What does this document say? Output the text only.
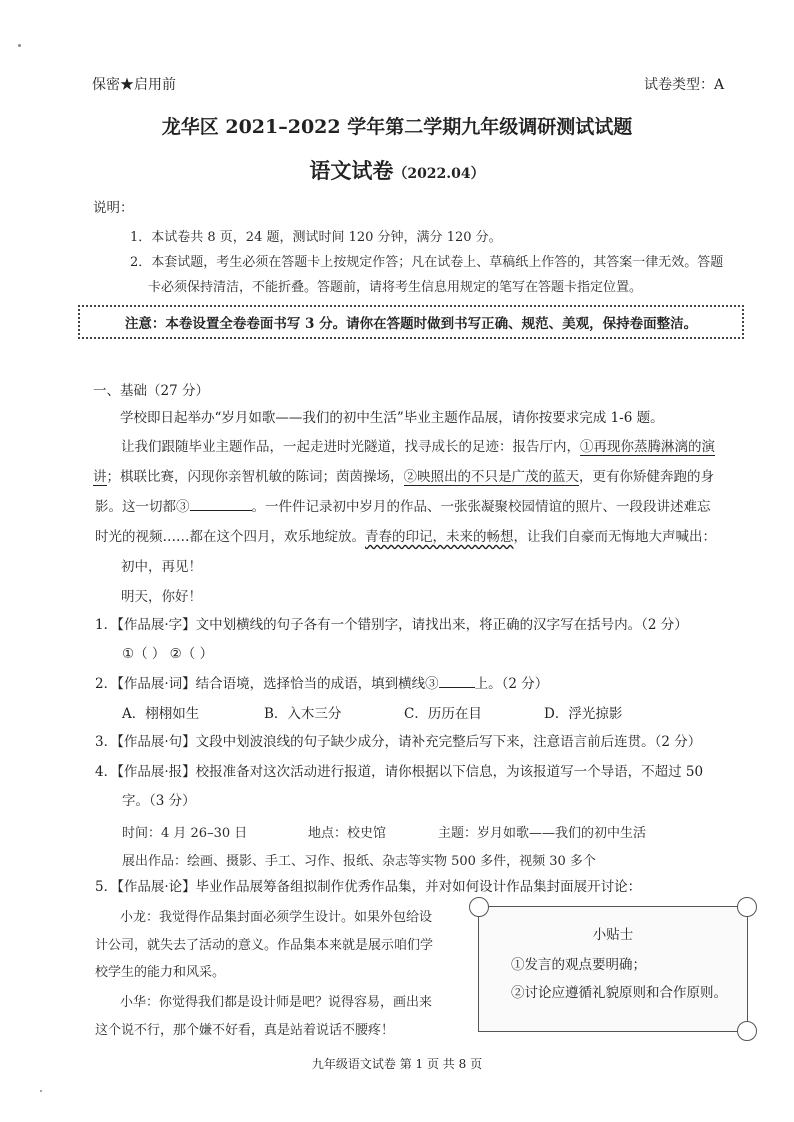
保密★启用前	试卷类型：A
龙华区 2021–2022 学年第二学期九年级调研测试试题
语文试卷（2022.04）
说明：
1．本试卷共 8 页，24 题，测试时间 120 分钟，满分 120 分。
2．本套试题，考生必须在答题卡上按规定作答；凡在试卷上、草稿纸上作答的，其答案一律无效。答题
卡必须保持清洁，不能折叠。答题前，请将考生信息用规定的笔写在答题卡指定位置。
注意：本卷设置全卷卷面书写 3 分。请你在答题时做到书写正确、规范、美观，保持卷面整洁。
一、基础（27 分）
学校即日起举办“岁月如歌——我们的初中生活”毕业主题作品展，请你按要求完成 1-6 题。
让我们跟随毕业主题作品，一起走进时光隧道，找寻成长的足迹：报告厅内，①再现你蒸腾淋漓的演
讲；棋联比赛，闪现你亲智机敏的陈词；茵茵操场，②映照出的不只是广茂的蓝天，更有你矫健奔跑的身
影。这一切都③	。一件件记录初中岁月的作品、一张张凝聚校园情谊的照片、一段段讲述难忘
时光的视频……都在这个四月，欢乐地绽放。青春的印记，未来的畅想，让我们自豪而无悔地大声喊出：
初中，再见！
明天，你好！
1．【作品展·字】文中划横线的句子各有一个错别字，请找出来，将正确的汉字写在括号内。（2 分）
①（ ） ②（ ）
2．【作品展·词】结合语境，选择恰当的成语，填到横线③	上。（2 分）
A．栩栩如生	B．入木三分	C．历历在目	D．浮光掠影
3．【作品展·句】文段中划波浪线的句子缺少成分，请补充完整后写下来，注意语言前后连贯。（2 分）
4．【作品展·报】校报准备对这次活动进行报道，请你根据以下信息，为该报道写一个导语，不超过 50
字。（3 分）
时间：4 月 26–30 日	地点：校史馆	主题：岁月如歌——我们的初中生活
展出作品：绘画、摄影、手工、习作、报纸、杂志等实物 500 多件，视频 30 多个
5．【作品展·论】毕业作品展筹备组拟制作优秀作品集，并对如何设计作品集封面展开讨论：
小龙：我觉得作品集封面必须学生设计。如果外包给设
计公司，就失去了活动的意义。作品集本来就是展示咱们学
校学生的能力和风采。
小华：你觉得我们都是设计师是吧？说得容易，画出来
这个说不行，那个嫌不好看，真是站着说话不腰疼！
小贴士
①发言的观点要明确；
②讨论应遵循礼貌原则和合作原则。
九年级语文试卷 第 1 页 共 8 页
